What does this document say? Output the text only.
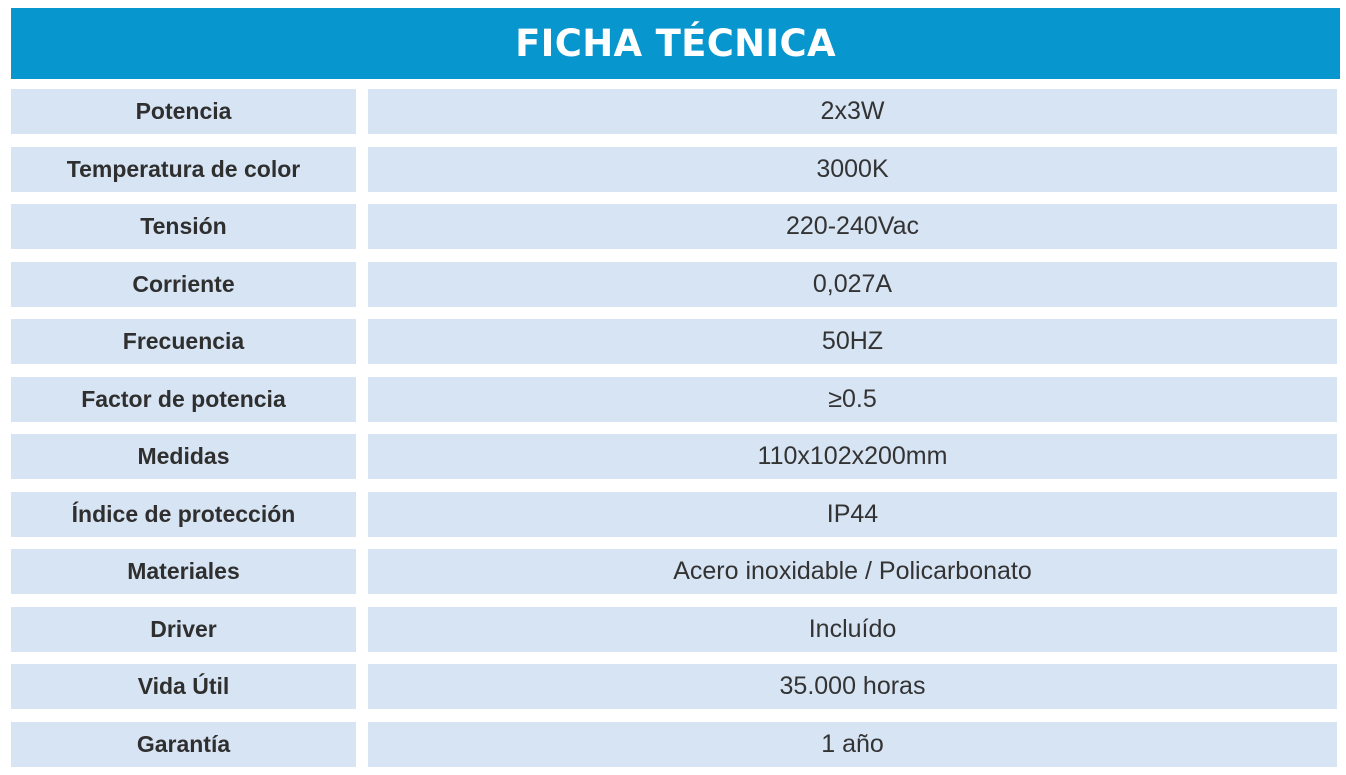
FICHA TÉCNICA
Potencia	2x3W
Temperatura de color	3000K
Tensión	220-240Vac
Corriente	0,027A
Frecuencia	50HZ
Factor de potencia	≥0.5
Medidas	110x102x200mm
Índice de protección	IP44
Materiales	Acero inoxidable / Policarbonato
Driver	Incluído
Vida Útil	35.000 horas
Garantía	1 año
